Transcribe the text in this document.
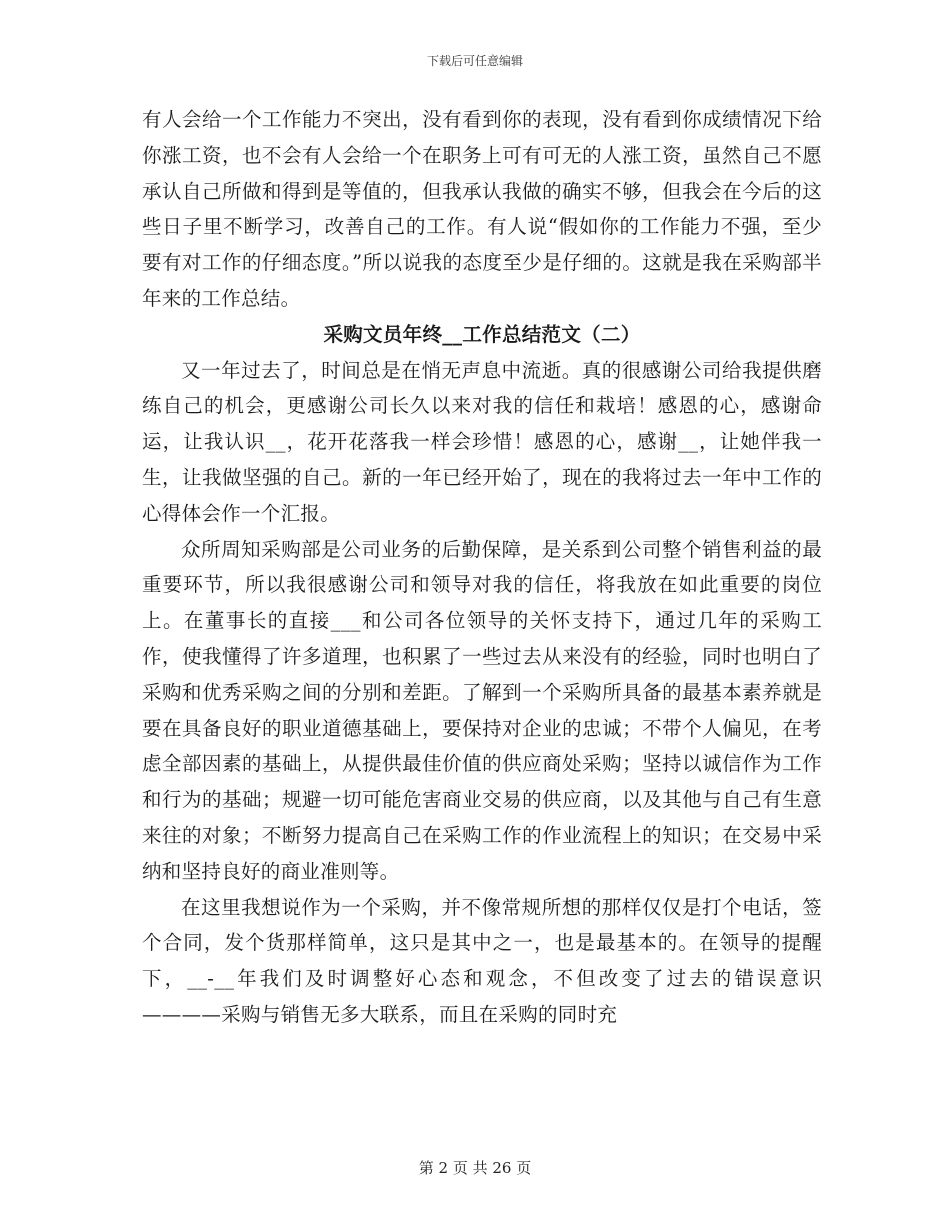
下载后可任意编辑

有人会给一个工作能力不突出，没有看到你的表现，没有看到你成绩情况下给你涨工资，也不会有人会给一个在职务上可有可无的人涨工资，虽然自己不愿承认自己所做和得到是等值的，但我承认我做的确实不够，但我会在今后的这些日子里不断学习，改善自己的工作。有人说“假如你的工作能力不强，至少要有对工作的仔细态度。”所以说我的态度至少是仔细的。这就是我在采购部半年来的工作总结。

采购文员年终__工作总结范文（二）

又一年过去了，时间总是在悄无声息中流逝。真的很感谢公司给我提供磨练自己的机会，更感谢公司长久以来对我的信任和栽培！感恩的心，感谢命运，让我认识__，花开花落我一样会珍惜！感恩的心，感谢__，让她伴我一生，让我做坚强的自己。新的一年已经开始了，现在的我将过去一年中工作的心得体会作一个汇报。

众所周知采购部是公司业务的后勤保障，是关系到公司整个销售利益的最重要环节，所以我很感谢公司和领导对我的信任，将我放在如此重要的岗位上。在董事长的直接___和公司各位领导的关怀支持下，通过几年的采购工作，使我懂得了许多道理，也积累了一些过去从来没有的经验，同时也明白了采购和优秀采购之间的分别和差距。了解到一个采购所具备的最基本素养就是要在具备良好的职业道德基础上，要保持对企业的忠诚；不带个人偏见，在考虑全部因素的基础上，从提供最佳价值的供应商处采购；坚持以诚信作为工作和行为的基础；规避一切可能危害商业交易的供应商，以及其他与自己有生意来往的对象；不断努力提高自己在采购工作的作业流程上的知识；在交易中采纳和坚持良好的商业准则等。

在这里我想说作为一个采购，并不像常规所想的那样仅仅是打个电话，签个合同，发个货那样简单，这只是其中之一，也是最基本的。在领导的提醒下，__-__年我们及时调整好心态和观念，不但改变了过去的错误意识————采购与销售无多大联系，而且在采购的同时充

第 2 页 共 26 页
